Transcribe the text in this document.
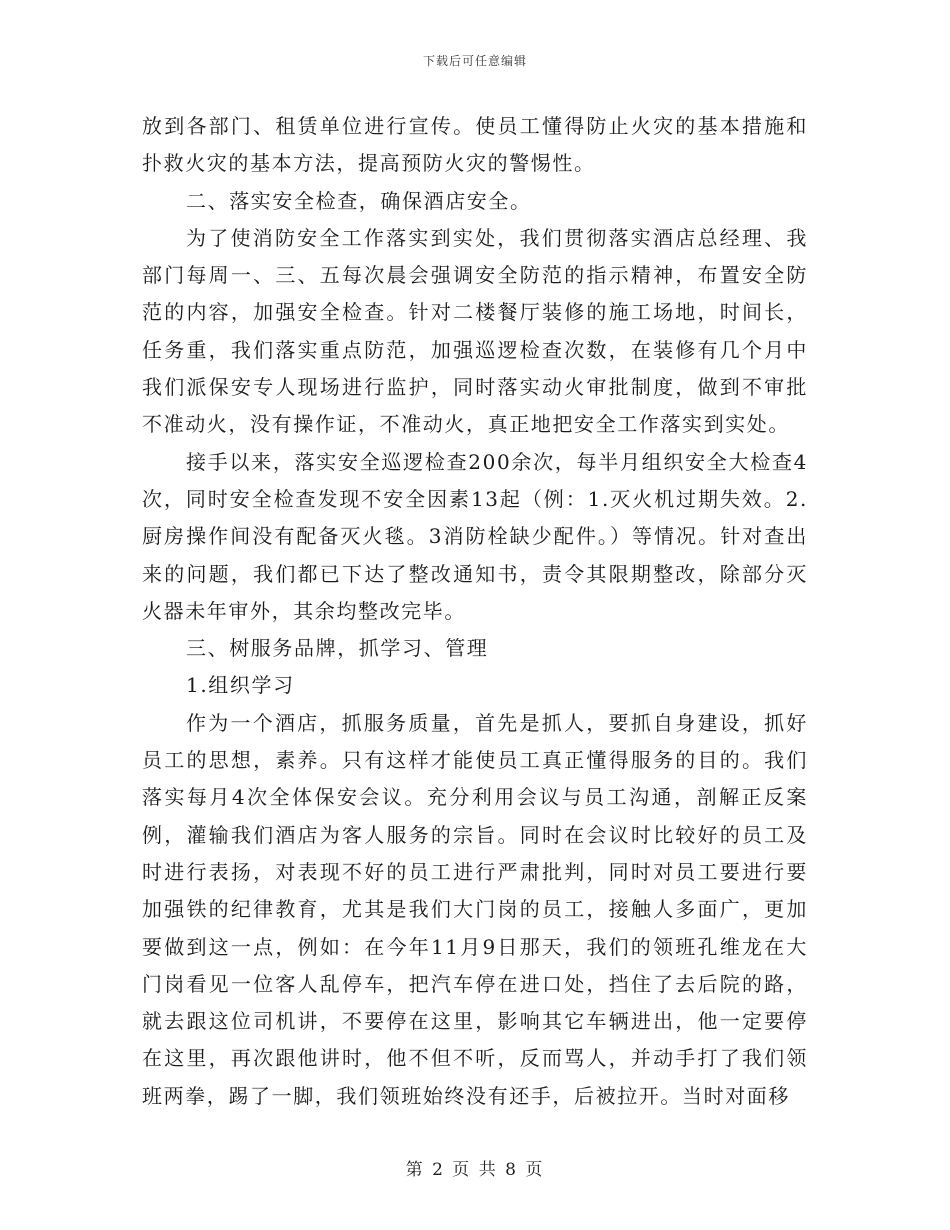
下载后可任意编辑

放到各部门、租赁单位进行宣传。使员工懂得防止火灾的基本措施和扑救火灾的基本方法，提高预防火灾的警惕性。

二、落实安全检查，确保酒店安全。

为了使消防安全工作落实到实处，我们贯彻落实酒店总经理、我部门每周一、三、五每次晨会强调安全防范的指示精神，布置安全防范的内容，加强安全检查。针对二楼餐厅装修的施工场地，时间长，任务重，我们落实重点防范，加强巡逻检查次数，在装修有几个月中我们派保安专人现场进行监护，同时落实动火审批制度，做到不审批不准动火，没有操作证，不准动火，真正地把安全工作落实到实处。

接手以来，落实安全巡逻检查200余次，每半月组织安全大检查4次，同时安全检查发现不安全因素13起（例：1.灭火机过期失效。2.厨房操作间没有配备灭火毯。3消防栓缺少配件。）等情况。针对查出来的问题，我们都已下达了整改通知书，责令其限期整改，除部分灭火器未年审外，其余均整改完毕。

三、树服务品牌，抓学习、管理

1.组织学习

作为一个酒店，抓服务质量，首先是抓人，要抓自身建设，抓好员工的思想，素养。只有这样才能使员工真正懂得服务的目的。我们落实每月4次全体保安会议。充分利用会议与员工沟通，剖解正反案例，灌输我们酒店为客人服务的宗旨。同时在会议时比较好的员工及时进行表扬，对表现不好的员工进行严肃批判，同时对员工要进行要加强铁的纪律教育，尤其是我们大门岗的员工，接触人多面广，更加要做到这一点，例如：在今年11月9日那天，我们的领班孔维龙在大门岗看见一位客人乱停车，把汽车停在进口处，挡住了去后院的路，就去跟这位司机讲，不要停在这里，影响其它车辆进出，他一定要停在这里，再次跟他讲时，他不但不听，反而骂人，并动手打了我们领班两拳，踢了一脚，我们领班始终没有还手，后被拉开。当时对面移

第 2 页 共 8 页
